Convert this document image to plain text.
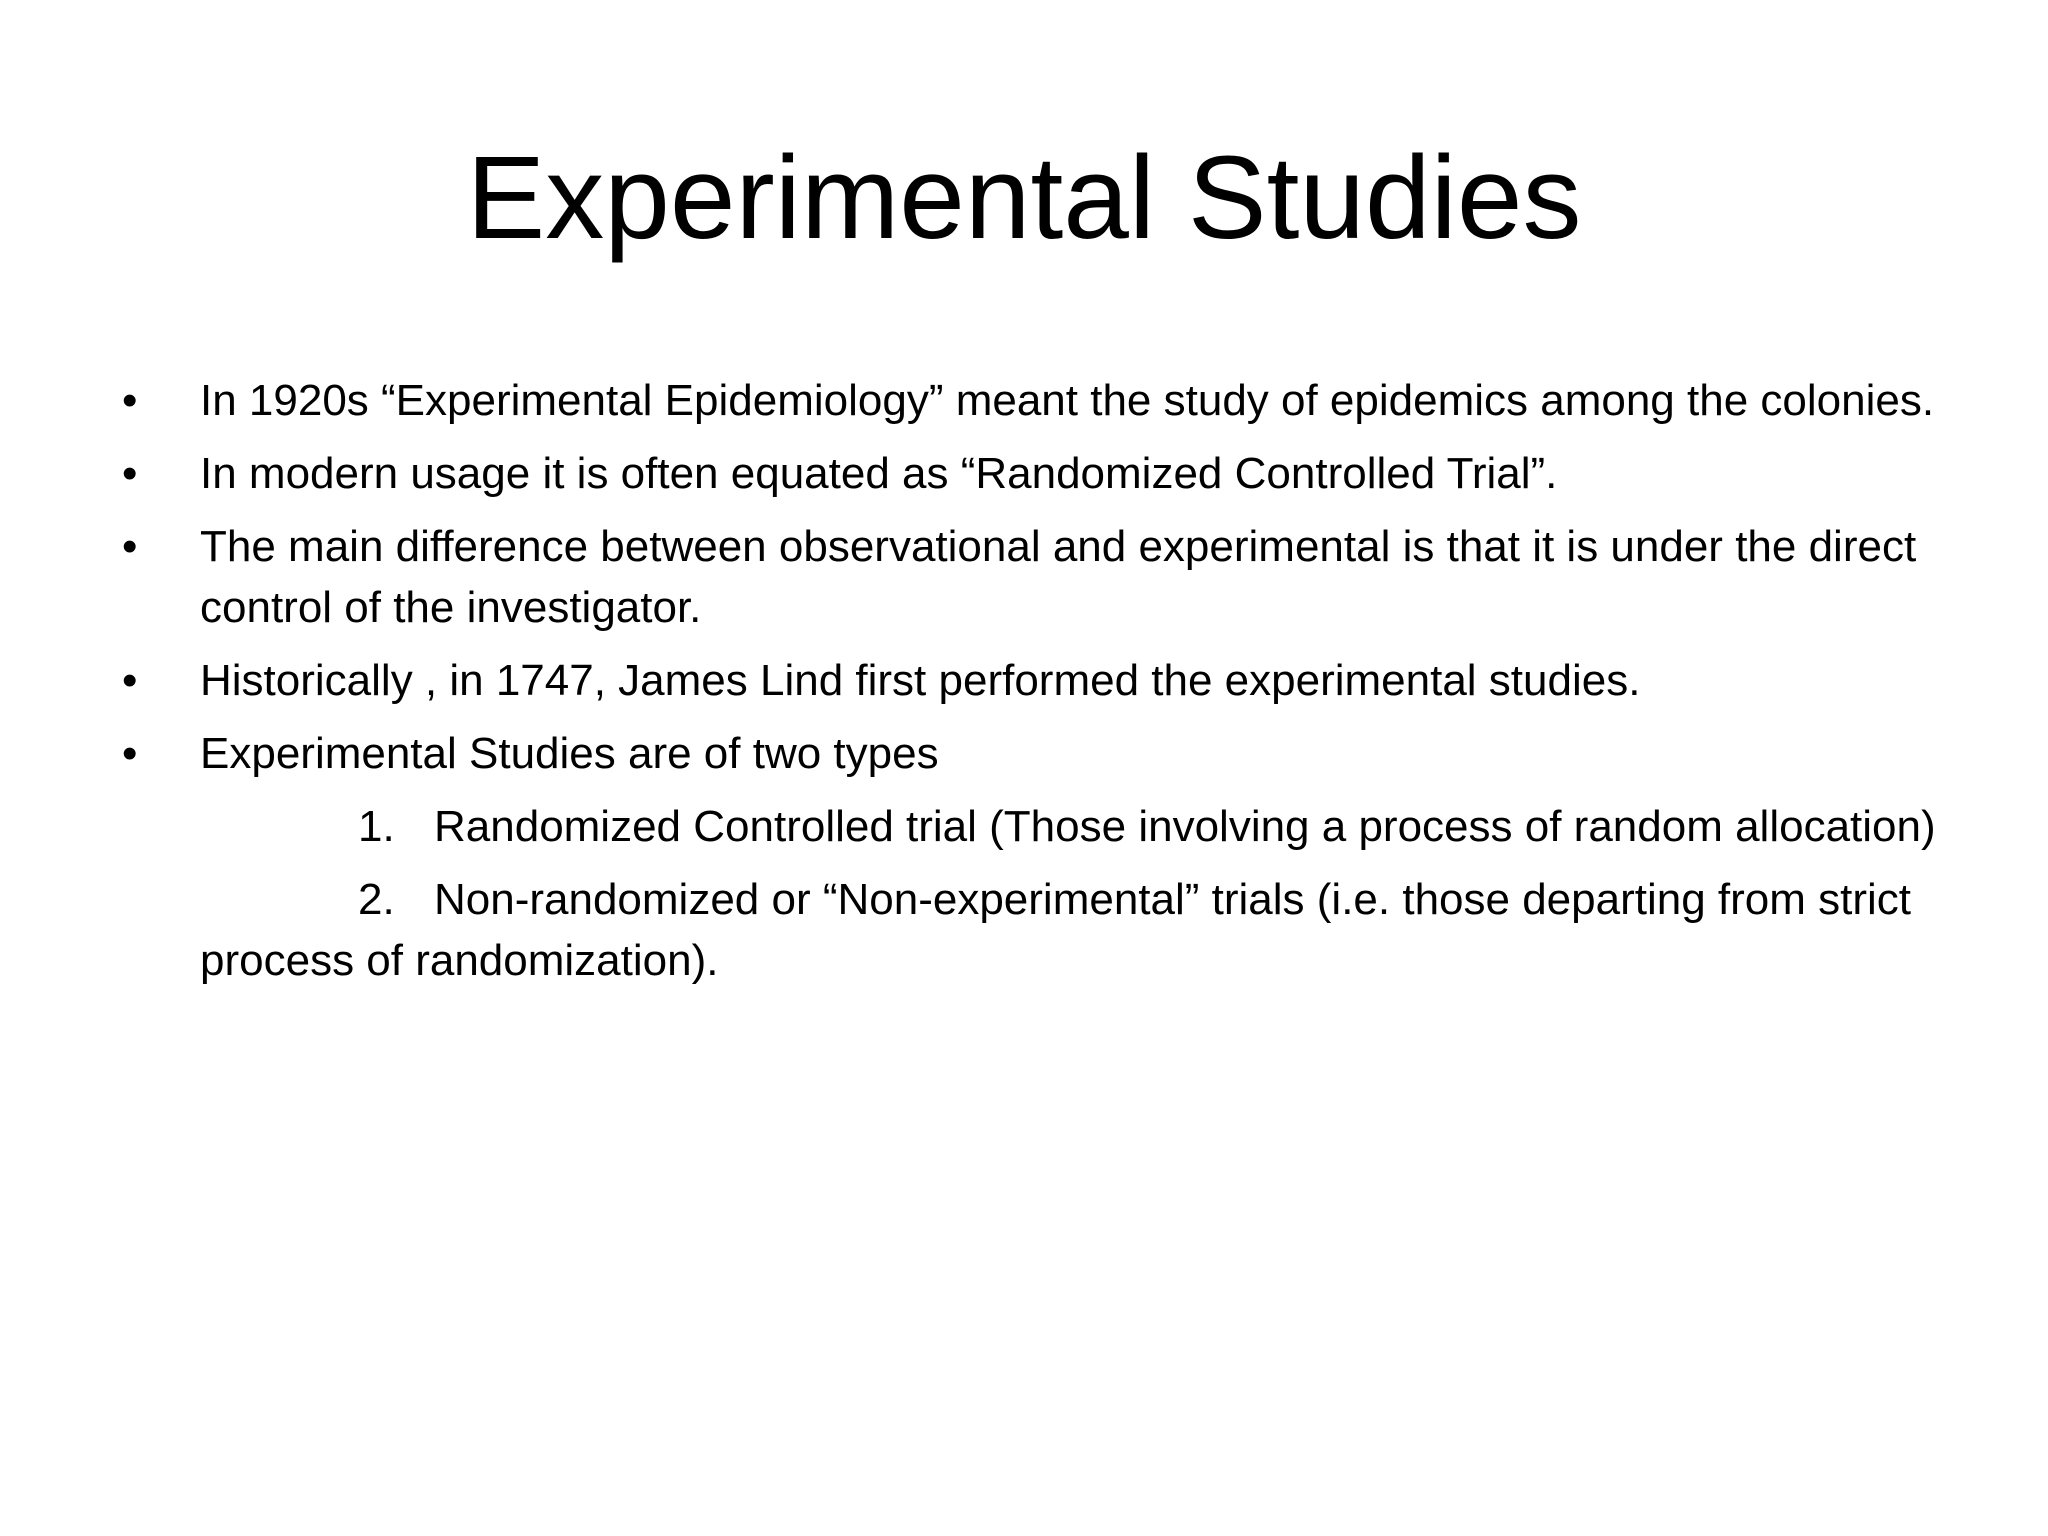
Experimental Studies
•	In 1920s “Experimental Epidemiology” meant the study of epidemics among the colonies.
•	In modern usage it is often equated as “Randomized Controlled Trial”.
•	The main difference between observational and experimental is that it is under the direct control of the investigator.
•	Historically , in 1747, James Lind first performed the experimental studies.
•	Experimental Studies are of two types
1. Randomized Controlled trial (Those involving a process of random allocation)
2. Non-randomized or “Non-experimental” trials (i.e. those departing from strict process of randomization).
